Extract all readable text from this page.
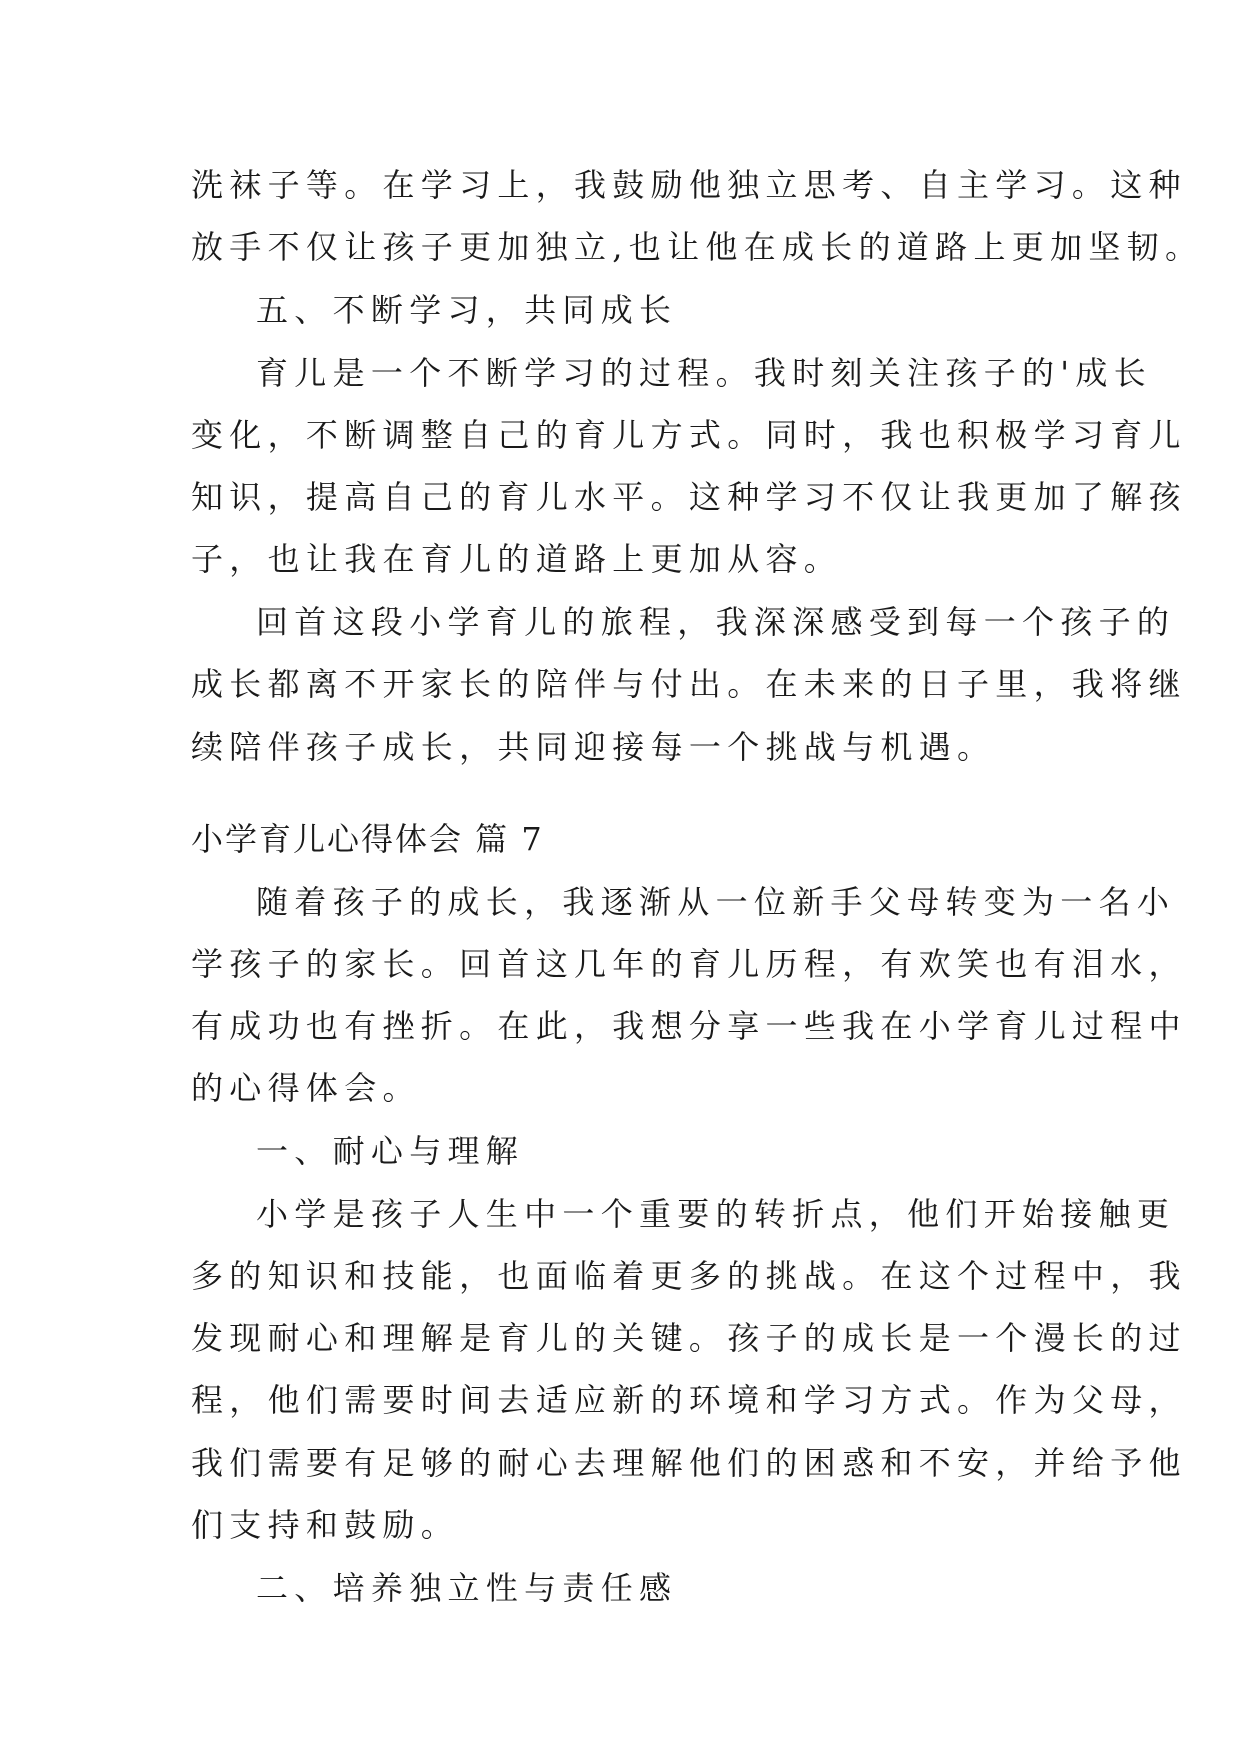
洗袜子等。在学习上，我鼓励他独立思考、自主学习。这种
放手不仅让孩子更加独立,也让他在成长的道路上更加坚韧。
五、不断学习，共同成长
育儿是一个不断学习的过程。我时刻关注孩子的'成长
变化，不断调整自己的育儿方式。同时，我也积极学习育儿
知识，提高自己的育儿水平。这种学习不仅让我更加了解孩
子，也让我在育儿的道路上更加从容。
回首这段小学育儿的旅程，我深深感受到每一个孩子的
成长都离不开家长的陪伴与付出。在未来的日子里，我将继
续陪伴孩子成长，共同迎接每一个挑战与机遇。
小学育儿心得体会 篇 7
随着孩子的成长，我逐渐从一位新手父母转变为一名小
学孩子的家长。回首这几年的育儿历程，有欢笑也有泪水，
有成功也有挫折。在此，我想分享一些我在小学育儿过程中
的心得体会。
一、耐心与理解
小学是孩子人生中一个重要的转折点，他们开始接触更
多的知识和技能，也面临着更多的挑战。在这个过程中，我
发现耐心和理解是育儿的关键。孩子的成长是一个漫长的过
程，他们需要时间去适应新的环境和学习方式。作为父母，
我们需要有足够的耐心去理解他们的困惑和不安，并给予他
们支持和鼓励。
二、培养独立性与责任感
